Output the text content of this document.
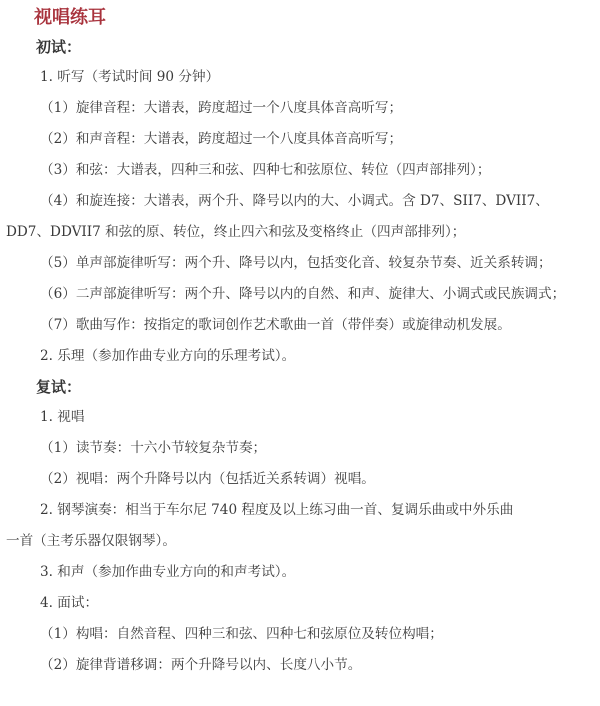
视唱练耳
初试：
1. 听写（考试时间 90 分钟）
（1）旋律音程：大谱表，跨度超过一个八度具体音高听写；
（2）和声音程：大谱表，跨度超过一个八度具体音高听写；
（3）和弦：大谱表，四种三和弦、四种七和弦原位、转位（四声部排列）；
（4）和旋连接：大谱表，两个升、降号以内的大、小调式。含 D7、SII7、DVII7、
DD7、DDVII7 和弦的原、转位，终止四六和弦及变格终止（四声部排列）；
（5）单声部旋律听写：两个升、降号以内，包括变化音、较复杂节奏、近关系转调；
（6）二声部旋律听写：两个升、降号以内的自然、和声、旋律大、小调式或民族调式；
（7）歌曲写作：按指定的歌词创作艺术歌曲一首（带伴奏）或旋律动机发展。
2. 乐理（参加作曲专业方向的乐理考试）。
复试：
1. 视唱
（1）读节奏：十六小节较复杂节奏；
（2）视唱：两个升降号以内（包括近关系转调）视唱。
2. 钢琴演奏：相当于车尔尼 740 程度及以上练习曲一首、复调乐曲或中外乐曲
一首（主考乐器仅限钢琴）。
3. 和声（参加作曲专业方向的和声考试）。
4. 面试：
（1）构唱：自然音程、四种三和弦、四种七和弦原位及转位构唱；
（2）旋律背谱移调：两个升降号以内、长度八小节。
